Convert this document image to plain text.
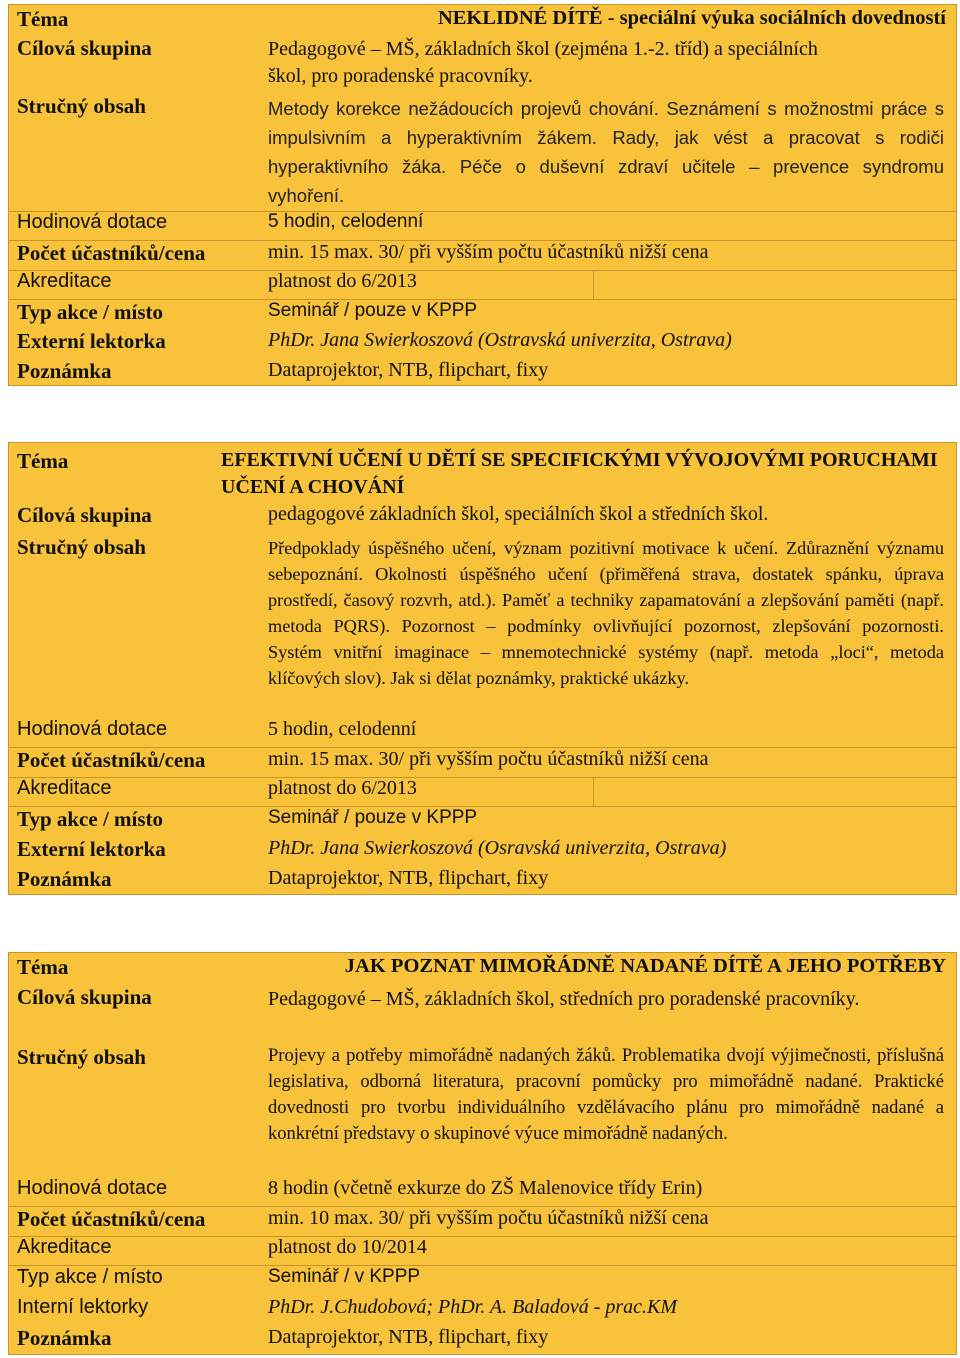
Téma	NEKLIDNÉ DÍTĚ - speciální výuka sociálních dovedností
Cílová skupina	Pedagogové – MŠ, základních škol (zejména 1.-2. tříd) a speciálních škol, pro poradenské pracovníky.
Stručný obsah	Metody korekce nežádoucích projevů chování. Seznámení s možnostmi práce s impulsivním a hyperaktivním žákem. Rady, jak vést a pracovat s rodiči hyperaktivního žáka. Péče o duševní zdraví učitele – prevence syndromu vyhoření.
Hodinová dotace	5 hodin, celodenní
Počet účastníků/cena	min. 15 max. 30/ při vyšším počtu účastníků nižší cena
Akreditace	platnost do 6/2013
Typ akce / místo	Seminář / pouze v KPPP
Externí lektorka	PhDr. Jana Swierkoszová (Ostravská univerzita, Ostrava)
Poznámka	Dataprojektor, NTB, flipchart, fixy
Téma	EFEKTIVNÍ UČENÍ U DĚTÍ SE SPECIFICKÝMI VÝVOJOVÝMI PORUCHAMI UČENÍ A CHOVÁNÍ
Cílová skupina	pedagogové základních škol, speciálních škol a středních škol.
Stručný obsah	Předpoklady úspěšného učení, význam pozitivní motivace k učení. Zdůraznění významu sebepoznání. Okolnosti úspěšného učení (přiměřená strava, dostatek spánku, úprava prostředí, časový rozvrh, atd.). Paměť a techniky zapamatování a zlepšování paměti (např. metoda PQRS). Pozornost – podmínky ovlivňující pozornost, zlepšování pozornosti. Systém vnitřní imaginace – mnemotechnické systémy (např. metoda „loci“, metoda klíčových slov). Jak si dělat poznámky, praktické ukázky.
Hodinová dotace	5 hodin, celodenní
Počet účastníků/cena	min. 15 max. 30/ při vyšším počtu účastníků nižší cena
Akreditace	platnost do 6/2013
Typ akce / místo	Seminář / pouze v KPPP
Externí lektorka	PhDr. Jana Swierkoszová (Osravská univerzita, Ostrava)
Poznámka	Dataprojektor, NTB, flipchart, fixy
Téma	JAK POZNAT MIMOŘÁDNĚ NADANÉ DÍTĚ A JEHO POTŘEBY
Cílová skupina	Pedagogové – MŠ, základních škol, středních pro poradenské pracovníky.
Stručný obsah	Projevy a potřeby mimořádně nadaných žáků. Problematika dvojí výjimečnosti, příslušná legislativa, odborná literatura, pracovní pomůcky pro mimořádně nadané. Praktické dovednosti pro tvorbu individuálního vzdělávacího plánu pro mimořádně nadané a konkrétní představy o skupinové výuce mimořádně nadaných.
Hodinová dotace	8 hodin (včetně exkurze do ZŠ Malenovice třídy Erin)
Počet účastníků/cena	min. 10 max. 30/ při vyšším počtu účastníků nižší cena
Akreditace	platnost do 10/2014
Typ akce / místo	Seminář / v KPPP
Interní lektorky	PhDr. J.Chudobová; PhDr. A. Baladová - prac.KM
Poznámka	Dataprojektor, NTB, flipchart, fixy
